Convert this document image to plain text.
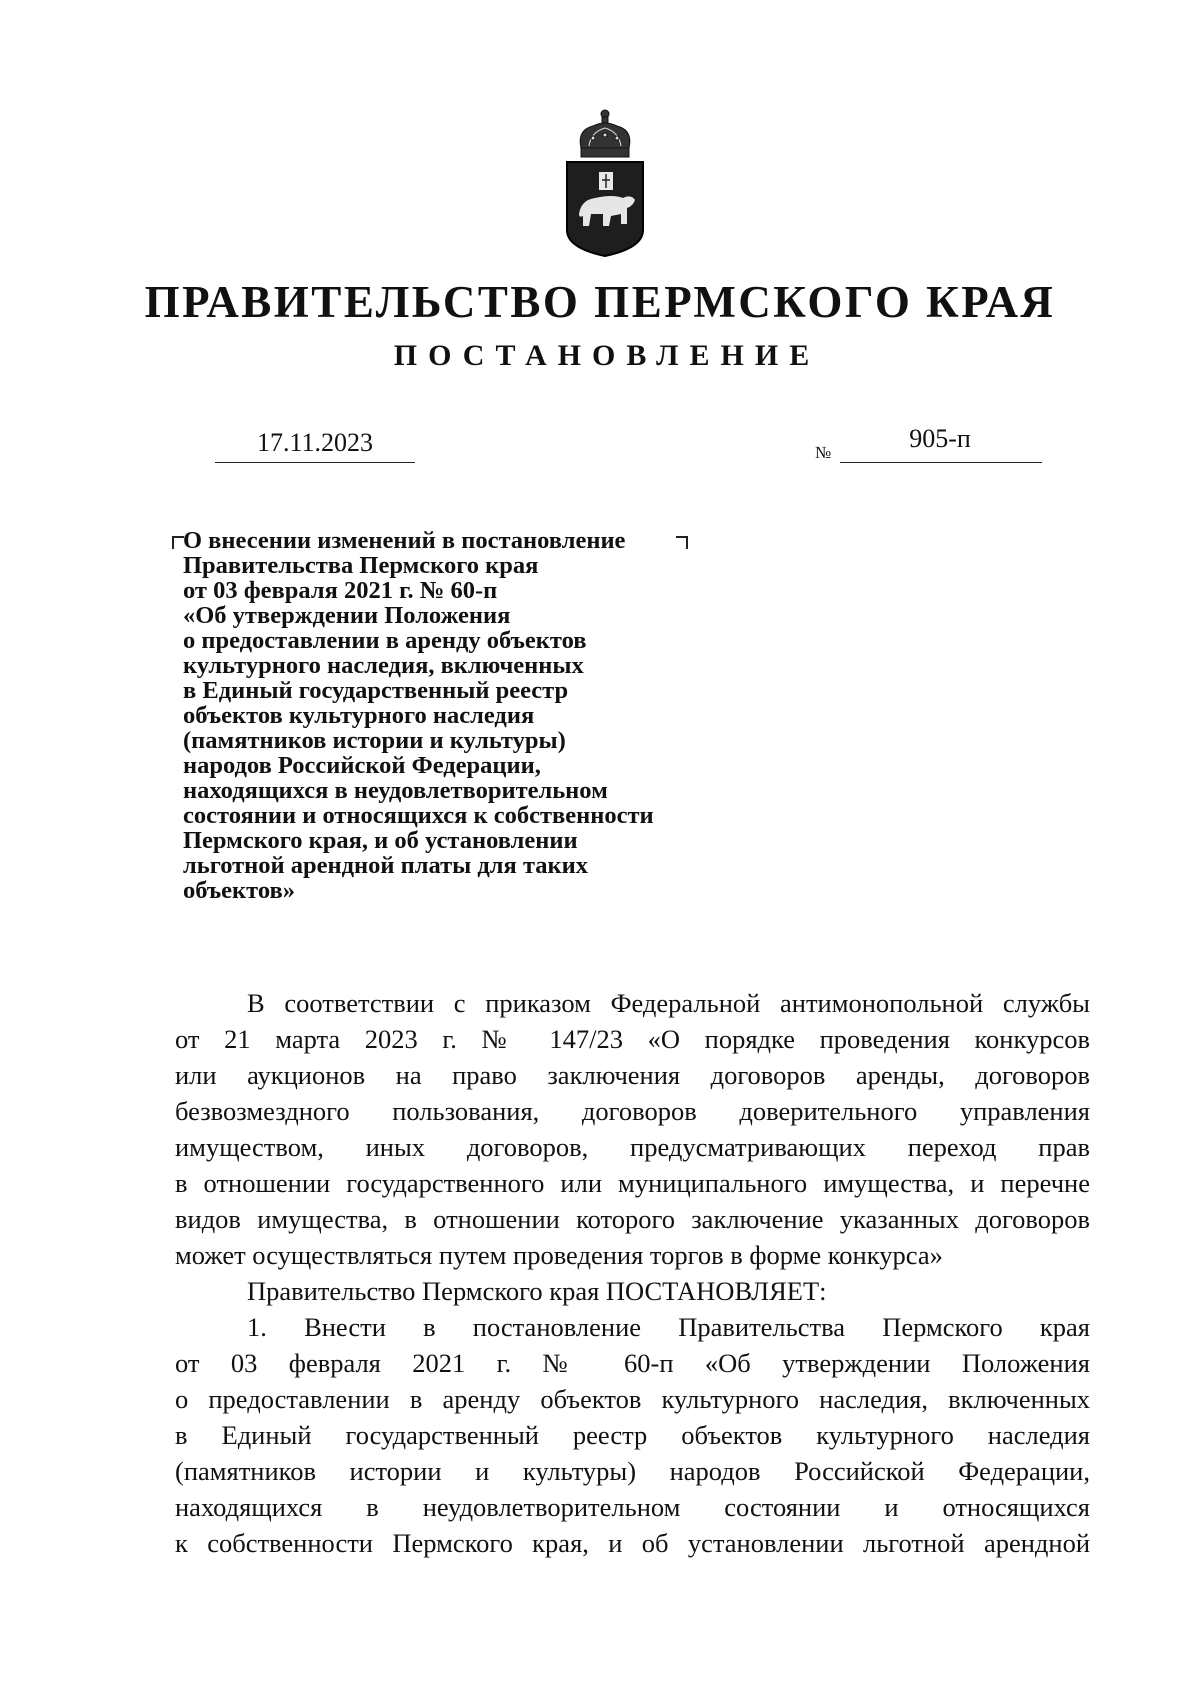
ПРАВИТЕЛЬСТВО ПЕРМСКОГО КРАЯ
ПОСТАНОВЛЕНИЕ
17.11.2023	№	905-п
О внесении изменений в постановление
Правительства Пермского края
от 03 февраля 2021 г. № 60-п
«Об утверждении Положения
о предоставлении в аренду объектов
культурного наследия, включенных
в Единый государственный реестр
объектов культурного наследия
(памятников истории и культуры)
народов Российской Федерации,
находящихся в неудовлетворительном
состоянии и относящихся к собственности
Пермского края, и об установлении
льготной арендной платы для таких
объектов»
В соответствии с приказом Федеральной антимонопольной службы
от 21 марта 2023 г. № 147/23 «О порядке проведения конкурсов
или аукционов на право заключения договоров аренды, договоров
безвозмездного пользования, договоров доверительного управления
имуществом, иных договоров, предусматривающих переход прав
в отношении государственного или муниципального имущества, и перечне
видов имущества, в отношении которого заключение указанных договоров
может осуществляться путем проведения торгов в форме конкурса»
Правительство Пермского края ПОСТАНОВЛЯЕТ:
1. Внести в постановление Правительства Пермского края
от 03 февраля 2021 г. № 60-п «Об утверждении Положения
о предоставлении в аренду объектов культурного наследия, включенных
в Единый государственный реестр объектов культурного наследия
(памятников истории и культуры) народов Российской Федерации,
находящихся в неудовлетворительном состоянии и относящихся
к собственности Пермского края, и об установлении льготной арендной
